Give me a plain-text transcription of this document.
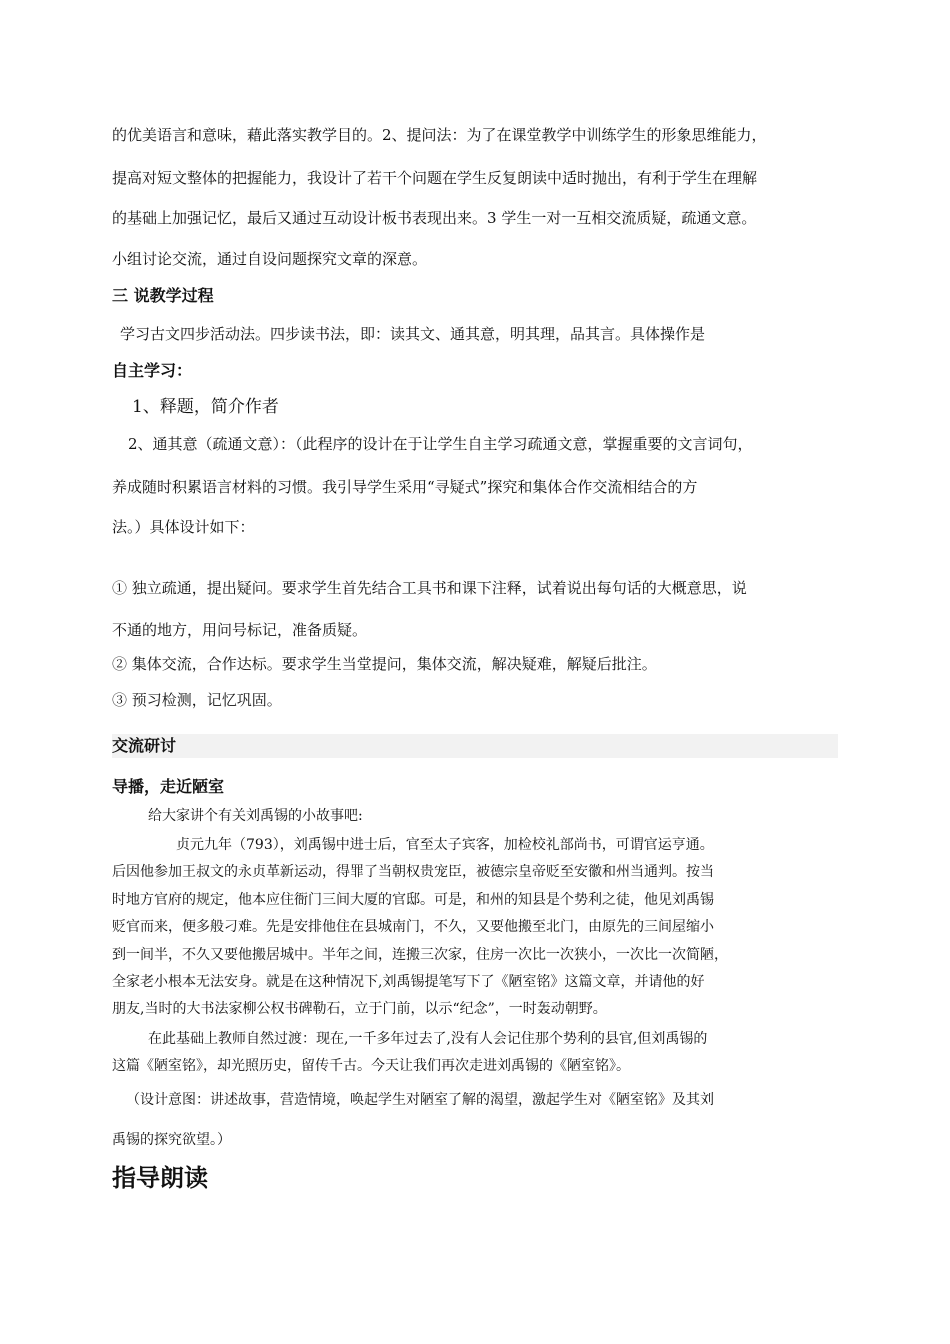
的优美语言和意味，藉此落实教学目的。2、提问法：为了在课堂教学中训练学生的形象思维能力，
提高对短文整体的把握能力，我设计了若干个问题在学生反复朗读中适时抛出，有利于学生在理解
的基础上加强记忆，最后又通过互动设计板书表现出来。3 学生一对一互相交流质疑，疏通文意。
小组讨论交流，通过自设问题探究文章的深意。
三 说教学过程
学习古文四步活动法。四步读书法，即：读其文、通其意，明其理，品其言。具体操作是
自主学习：
1、释题，简介作者
2、通其意（疏通文意）：（此程序的设计在于让学生自主学习疏通文意，掌握重要的文言词句，
养成随时积累语言材料的习惯。我引导学生采用“寻疑式”探究和集体合作交流相结合的方
法。）具体设计如下：
① 独立疏通，提出疑问。要求学生首先结合工具书和课下注释，试着说出每句话的大概意思，说
不通的地方，用问号标记，准备质疑。
② 集体交流，合作达标。要求学生当堂提问，集体交流，解决疑难，解疑后批注。
③ 预习检测，记忆巩固。
交流研讨
导播，走近陋室
给大家讲个有关刘禹锡的小故事吧:
贞元九年（793），刘禹锡中进士后，官至太子宾客，加检校礼部尚书，可谓官运亨通。
后因他参加王叔文的永贞革新运动，得罪了当朝权贵宠臣，被德宗皇帝贬至安徽和州当通判。按当
时地方官府的规定，他本应住衙门三间大厦的官邸。可是，和州的知县是个势利之徒，他见刘禹锡
贬官而来，便多般刁难。先是安排他住在县城南门，不久，又要他搬至北门，由原先的三间屋缩小
到一间半，不久又要他搬居城中。半年之间，连搬三次家，住房一次比一次狭小，一次比一次简陋，
全家老小根本无法安身。就是在这种情况下,刘禹锡提笔写下了《陋室铭》这篇文章，并请他的好
朋友,当时的大书法家柳公权书碑勒石，立于门前，以示“纪念”，一时轰动朝野。
在此基础上教师自然过渡：现在,一千多年过去了,没有人会记住那个势利的县官,但刘禹锡的
这篇《陋室铭》，却光照历史，留传千古。今天让我们再次走进刘禹锡的《陋室铭》。
（设计意图：讲述故事，营造情境，唤起学生对陋室了解的渴望，激起学生对《陋室铭》及其刘
禹锡的探究欲望。）
指导朗读
